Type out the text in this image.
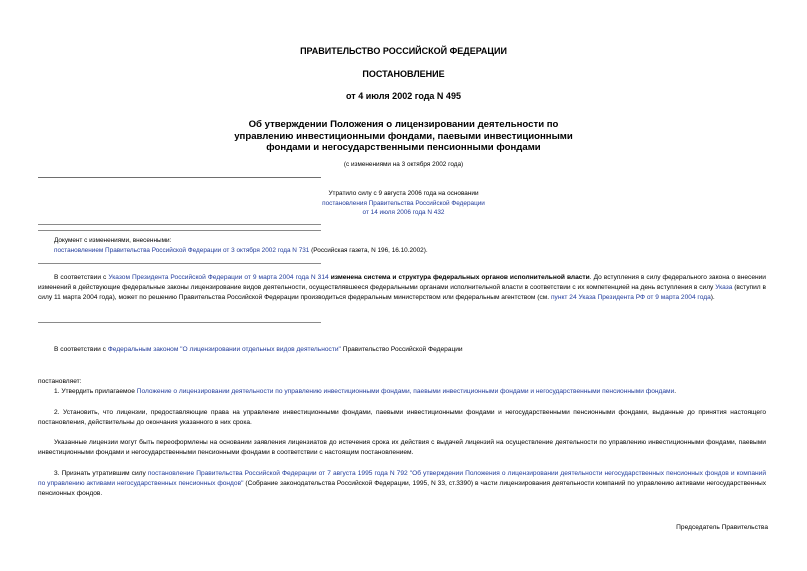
ПРАВИТЕЛЬСТВО РОССИЙСКОЙ ФЕДЕРАЦИИ
ПОСТАНОВЛЕНИЕ
от 4 июля 2002 года N 495
Об утверждении Положения о лицензировании деятельности по
управлению инвестиционными фондами, паевыми инвестиционными
фондами и негосударственными пенсионными фондами
(с изменениями на 3 октября 2002 года)
Утратило силу с 9 августа 2006 года на основании
постановления Правительства Российской Федерации
от 14 июля 2006 года N 432
Документ с изменениями, внесенными:
постановлением Правительства Российской Федерации от 3 октября 2002 года N 731 (Российская газета, N 196, 16.10.2002).
В соответствии с Указом Президента Российской Федерации от 9 марта 2004 года N 314 изменена система и структура федеральных органов исполнительной власти. До вступления в силу федерального закона о внесении изменений в действующие федеральные законы лицензирование видов деятельности, осуществлявшееся федеральными органами исполнительной власти в соответствии с их компетенцией на день вступления в силу Указа (вступил в силу 11 марта 2004 года), может по решению Правительства Российской Федерации производиться федеральным министерством или федеральным агентством (см. пункт 24 Указа Президента РФ от 9 марта 2004 года).
В соответствии с Федеральным законом "О лицензировании отдельных видов деятельности" Правительство Российской Федерации
постановляет:
1. Утвердить прилагаемое Положение о лицензировании деятельности по управлению инвестиционными фондами, паевыми инвестиционными фондами и негосударственными пенсионными фондами.
2. Установить, что лицензии, предоставляющие права на управление инвестиционными фондами, паевыми инвестиционными фондами и негосударственными пенсионными фондами, выданные до принятия настоящего постановления, действительны до окончания указанного в них срока.
Указанные лицензии могут быть переоформлены на основании заявления лицензиатов до истечения срока их действия с выдачей лицензий на осуществление деятельности по управлению инвестиционными фондами, паевыми инвестиционными фондами и негосударственными пенсионными фондами в соответствии с настоящим постановлением.
3. Признать утратившим силу постановление Правительства Российской Федерации от 7 августа 1995 года N 792 "Об утверждении Положения о лицензировании деятельности негосударственных пенсионных фондов и компаний по управлению активами негосударственных пенсионных фондов" (Собрание законодательства Российской Федерации, 1995, N 33, ст.3390) в части лицензирования деятельности компаний по управлению активами негосударственных пенсионных фондов.
Председатель Правительства
